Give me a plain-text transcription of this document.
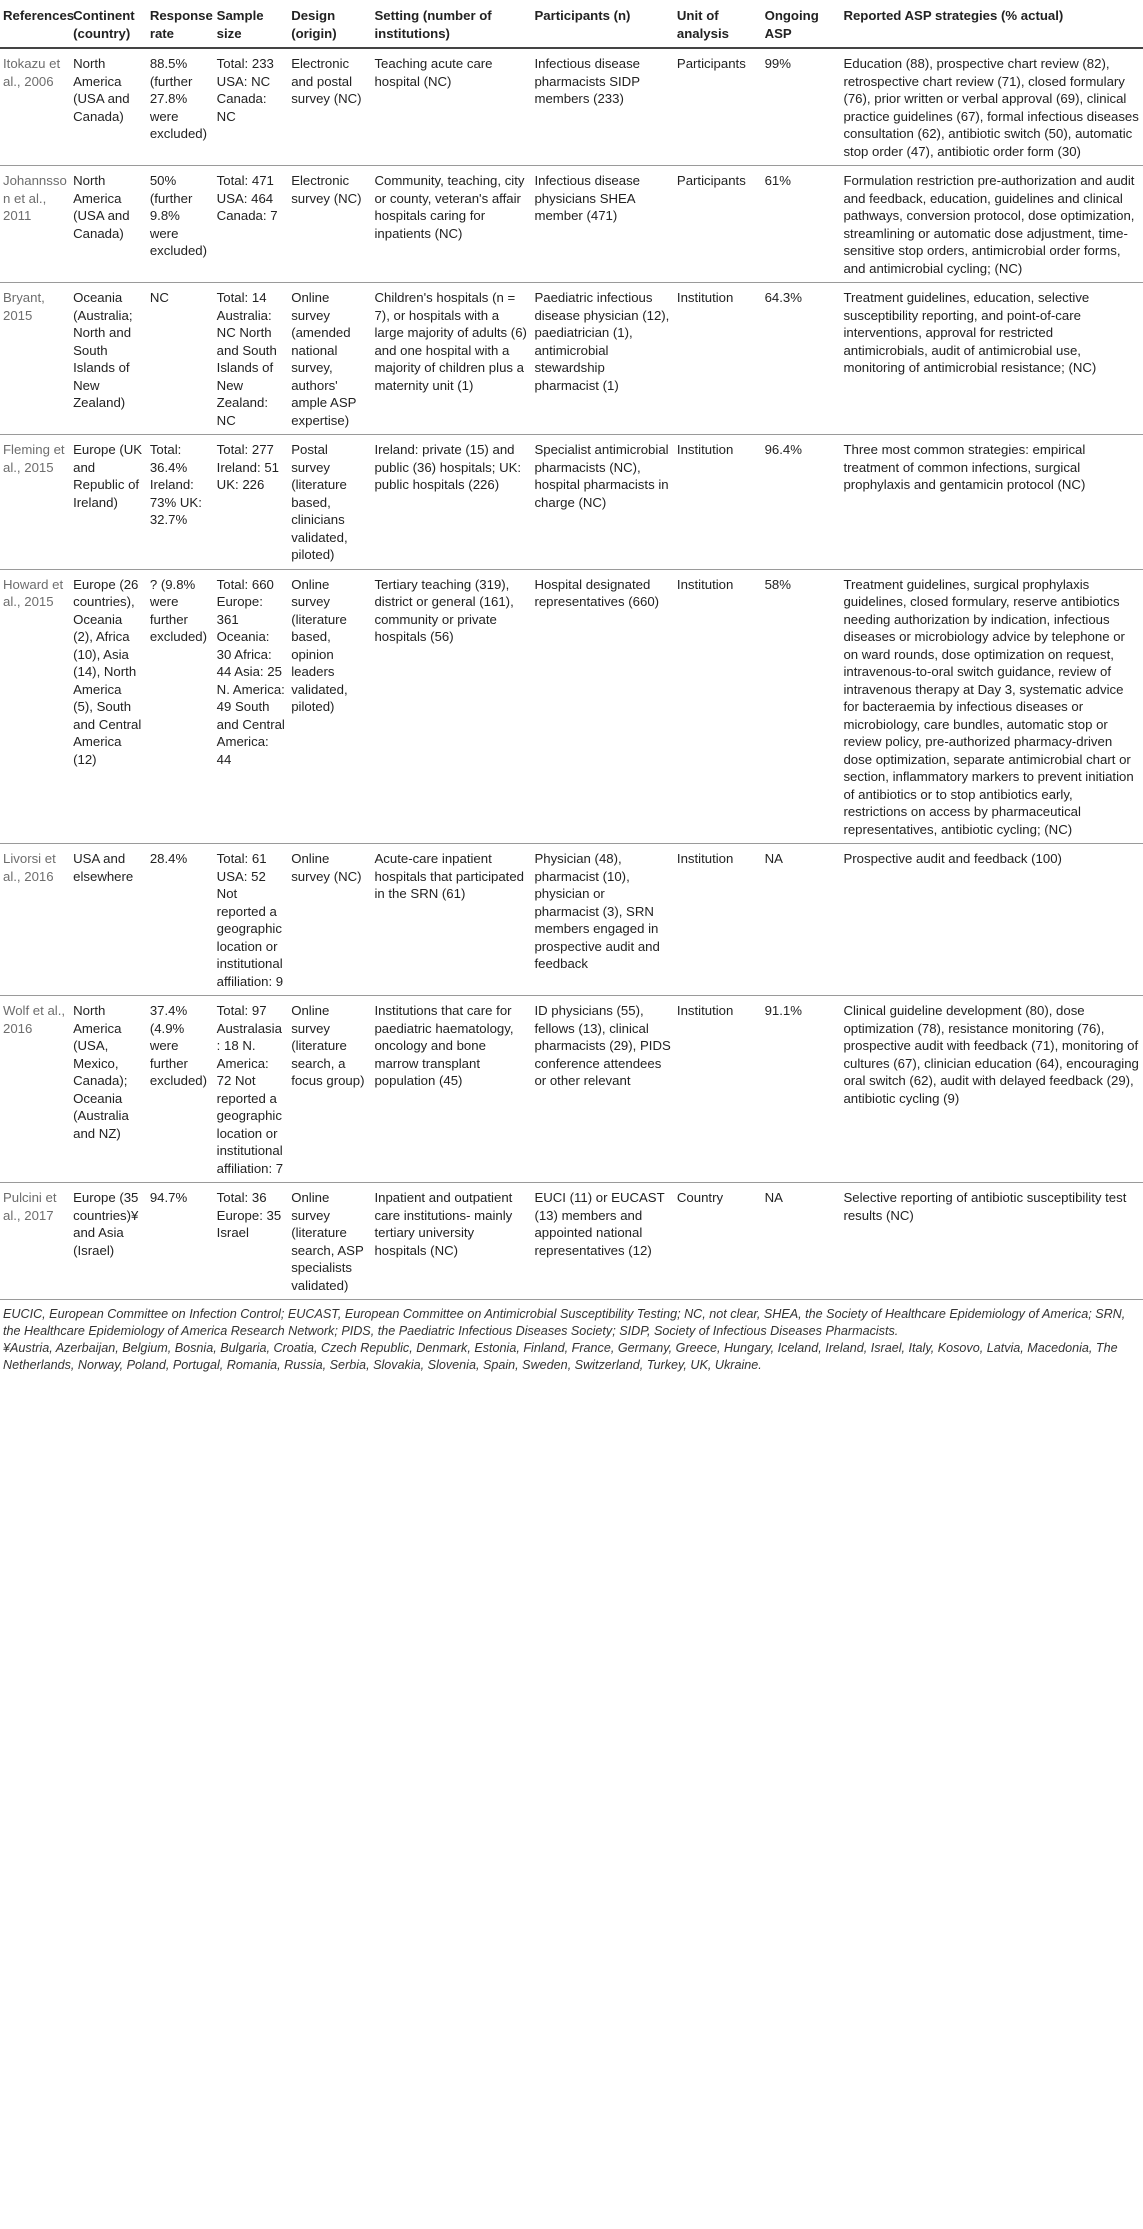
References	Continent (country)	Response rate	Sample size	Design (origin)	Setting (number of institutions)	Participants (n)	Unit of analysis	Ongoing ASP	Reported ASP strategies (% actual)
Itokazu et al., 2006	North America (USA and Canada)	88.5% (further 27.8% were excluded)	Total: 233 USA: NC Canada: NC	Electronic and postal survey (NC)	Teaching acute care hospital (NC)	Infectious disease pharmacists SIDP members (233)	Participants	99%	Education (88), prospective chart review (82), retrospective chart review (71), closed formulary (76), prior written or verbal approval (69), clinical practice guidelines (67), formal infectious diseases consultation (62), antibiotic switch (50), automatic stop order (47), antibiotic order form (30)
Johannsson et al., 2011	North America (USA and Canada)	50% (further 9.8% were excluded)	Total: 471 USA: 464 Canada: 7	Electronic survey (NC)	Community, teaching, city or county, veteran's affair hospitals caring for inpatients (NC)	Infectious disease physicians SHEA member (471)	Participants	61%	Formulation restriction pre-authorization and audit and feedback, education, guidelines and clinical pathways, conversion protocol, dose optimization, streamlining or automatic dose adjustment, time-sensitive stop orders, antimicrobial order forms, and antimicrobial cycling; (NC)
Bryant, 2015	Oceania (Australia; North and South Islands of New Zealand)	NC	Total: 14 Australia: NC North and South Islands of New Zealand: NC	Online survey (amended national survey, authors' ample ASP expertise)	Children's hospitals (n = 7), or hospitals with a large majority of adults (6) and one hospital with a majority of children plus a maternity unit (1)	Paediatric infectious disease physician (12), paediatrician (1), antimicrobial stewardship pharmacist (1)	Institution	64.3%	Treatment guidelines, education, selective susceptibility reporting, and point-of-care interventions, approval for restricted antimicrobials, audit of antimicrobial use, monitoring of antimicrobial resistance; (NC)
Fleming et al., 2015	Europe (UK and Republic of Ireland)	Total: 36.4% Ireland: 73% UK: 32.7%	Total: 277 Ireland: 51 UK: 226	Postal survey (literature based, clinicians validated, piloted)	Ireland: private (15) and public (36) hospitals; UK: public hospitals (226)	Specialist antimicrobial pharmacists (NC), hospital pharmacists in charge (NC)	Institution	96.4%	Three most common strategies: empirical treatment of common infections, surgical prophylaxis and gentamicin protocol (NC)
Howard et al., 2015	Europe (26 countries), Oceania (2), Africa (10), Asia (14), North America (5), South and Central America (12)	? (9.8% were further excluded)	Total: 660 Europe: 361 Oceania: 30 Africa: 44 Asia: 25 N. America: 49 South and Central America: 44	Online survey (literature based, opinion leaders validated, piloted)	Tertiary teaching (319), district or general (161), community or private hospitals (56)	Hospital designated representatives (660)	Institution	58%	Treatment guidelines, surgical prophylaxis guidelines, closed formulary, reserve antibiotics needing authorization by indication, infectious diseases or microbiology advice by telephone or on ward rounds, dose optimization on request, intravenous-to-oral switch guidance, review of intravenous therapy at Day 3, systematic advice for bacteraemia by infectious diseases or microbiology, care bundles, automatic stop or review policy, pre-authorized pharmacy-driven dose optimization, separate antimicrobial chart or section, inflammatory markers to prevent initiation of antibiotics or to stop antibiotics early, restrictions on access by pharmaceutical representatives, antibiotic cycling; (NC)
Livorsi et al., 2016	USA and elsewhere	28.4%	Total: 61 USA: 52 Not reported a geographic location or institutional affiliation: 9	Online survey (NC)	Acute-care inpatient hospitals that participated in the SRN (61)	Physician (48), pharmacist (10), physician or pharmacist (3), SRN members engaged in prospective audit and feedback	Institution	NA	Prospective audit and feedback (100)
Wolf et al., 2016	North America (USA, Mexico, Canada); Oceania (Australia and NZ)	37.4% (4.9% were further excluded)	Total: 97 Australasia: 18 N. America: 72 Not reported a geographic location or institutional affiliation: 7	Online survey (literature search, a focus group)	Institutions that care for paediatric haematology, oncology and bone marrow transplant population (45)	ID physicians (55), fellows (13), clinical pharmacists (29), PIDS conference attendees or other relevant	Institution	91.1%	Clinical guideline development (80), dose optimization (78), resistance monitoring (76), prospective audit with feedback (71), monitoring of cultures (67), clinician education (64), encouraging oral switch (62), audit with delayed feedback (29), antibiotic cycling (9)
Pulcini et al., 2017	Europe (35 countries)¥ and Asia (Israel)	94.7%	Total: 36 Europe: 35 Israel	Online survey (literature search, ASP specialists validated)	Inpatient and outpatient care institutions- mainly tertiary university hospitals (NC)	EUCI (11) or EUCAST (13) members and appointed national representatives (12)	Country	NA	Selective reporting of antibiotic susceptibility test results (NC)

EUCIC, European Committee on Infection Control; EUCAST, European Committee on Antimicrobial Susceptibility Testing; NC, not clear, SHEA, the Society of Healthcare Epidemiology of America; SRN, the Healthcare Epidemiology of America Research Network; PIDS, the Paediatric Infectious Diseases Society; SIDP, Society of Infectious Diseases Pharmacists.
¥Austria, Azerbaijan, Belgium, Bosnia, Bulgaria, Croatia, Czech Republic, Denmark, Estonia, Finland, France, Germany, Greece, Hungary, Iceland, Ireland, Israel, Italy, Kosovo, Latvia, Macedonia, The Netherlands, Norway, Poland, Portugal, Romania, Russia, Serbia, Slovakia, Slovenia, Spain, Sweden, Switzerland, Turkey, UK, Ukraine.
